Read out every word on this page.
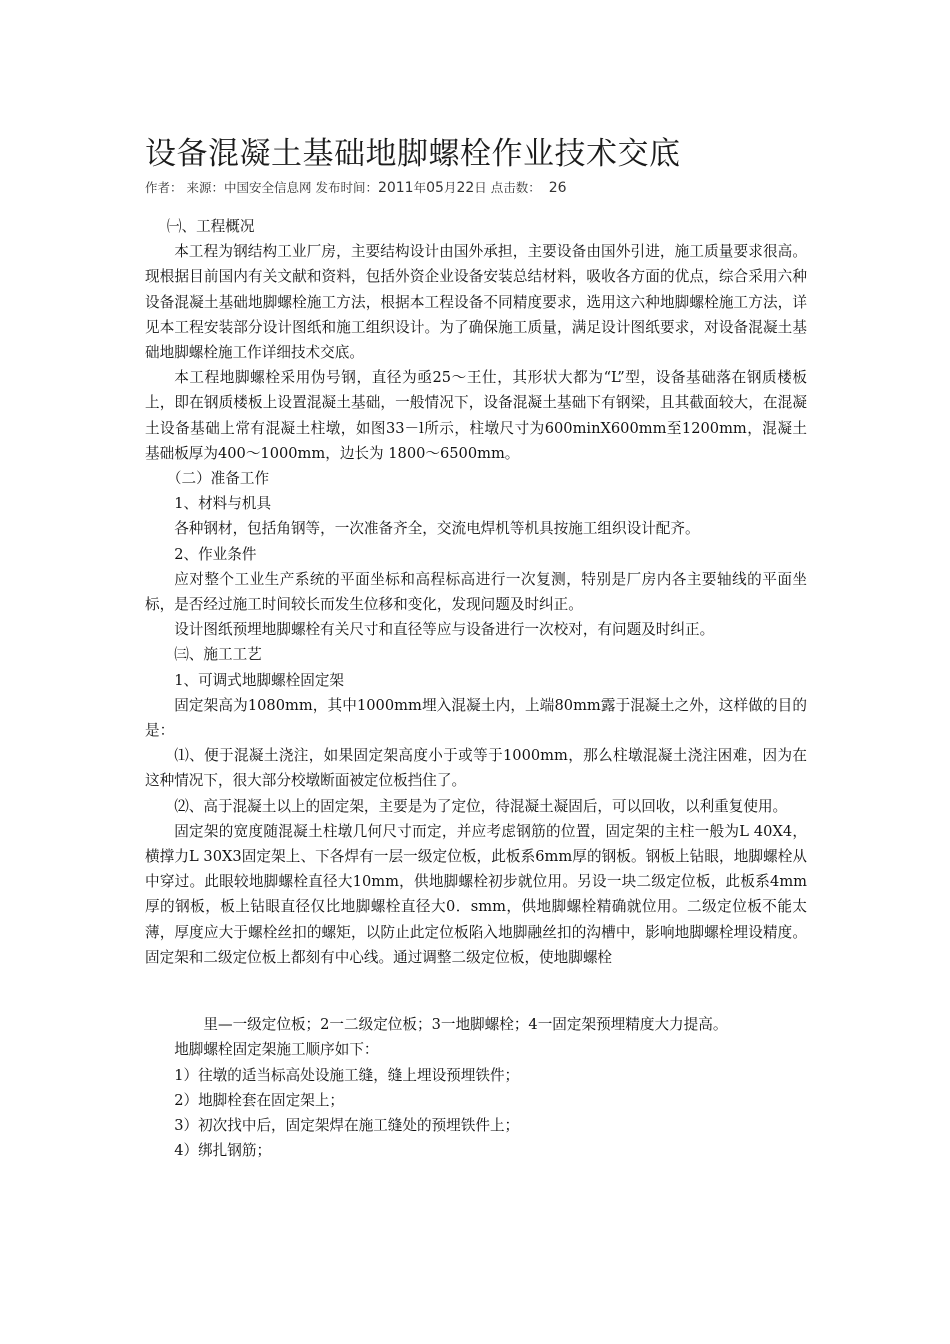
设备混凝土基础地脚螺栓作业技术交底
作者： 来源：中国安全信息网 发布时间：2011年05月22日 点击数： 26

㈠、工程概况

本工程为钢结构工业厂房，主要结构设计由国外承担，主要设备由国外引进，施工质量要求很高。现根据目前国内有关文献和资料，包括外资企业设备安装总结材料，吸收各方面的优点，综合采用六种设备混凝土基础地脚螺栓施工方法，根据本工程设备不同精度要求，选用这六种地脚螺栓施工方法，详见本工程安装部分设计图纸和施工组织设计。为了确保施工质量，满足设计图纸要求，对设备混凝土基础地脚螺栓施工作详细技术交底。

本工程地脚螺栓采用伪号钢，直径为亟25～王仕，其形状大都为“L”型，设备基础落在钢质楼板上，即在钢质楼板上设置混凝土基础，一般情况下，设备混凝土基础下有钢梁，且其截面较大，在混凝土设备基础上常有混凝土柱墩，如图33－l所示，柱墩尺寸为600minX600mm至1200mm，混凝土基础板厚为400～1000mm，边长为 1800～6500mm。

（二）准备工作

1、材料与机具

各种钢材，包括角钢等，一次准备齐全，交流电焊机等机具按施工组织设计配齐。

2、作业条件

应对整个工业生产系统的平面坐标和高程标高进行一次复测，特别是厂房内各主要轴线的平面坐标，是否经过施工时间较长而发生位移和变化，发现问题及时纠正。

设计图纸预埋地脚螺栓有关尺寸和直径等应与设备进行一次校对，有问题及时纠正。

㈢、施工工艺

1、可调式地脚螺栓固定架

固定架高为1080mm，其中1000mm埋入混凝土内，上端80mm露于混凝土之外，这样做的目的是：

⑴、便于混凝土浇注，如果固定架高度小于或等于1000mm，那么柱墩混凝土浇注困难，因为在这种情况下，很大部分校墩断面被定位板挡住了。

⑵、高于混凝土以上的固定架，主要是为了定位，待混凝土凝固后，可以回收，以利重复使用。

固定架的宽度随混凝土柱墩几何尺寸而定，并应考虑钢筋的位置，固定架的主柱一般为L 40X4，横撑力L 30X3固定架上、下各焊有一层一级定位板，此板系6mm厚的钢板。钢板上钻眼，地脚螺栓从中穿过。此眼较地脚螺栓直径大10mm，供地脚螺栓初步就位用。另设一块二级定位板，此板系4mm厚的钢板，板上钻眼直径仅比地脚螺栓直径大0．smm，供地脚螺栓精确就位用。二级定位板不能太薄，厚度应大于螺栓丝扣的螺矩，以防止此定位板陷入地脚融丝扣的沟槽中，影响地脚螺栓埋设精度。固定架和二级定位板上都刻有中心线。通过调整二级定位板，使地脚螺栓

里—一级定位板；2一二级定位板；3一地脚螺栓；4一固定架预埋精度大力提高。

地脚螺栓固定架施工顺序如下：

1）往墩的适当标高处设施工缝，缝上埋设预埋铁件；

2）地脚栓套在固定架上；

3）初次找中后，固定架焊在施工缝处的预埋铁件上；

4）绑扎钢筋；
